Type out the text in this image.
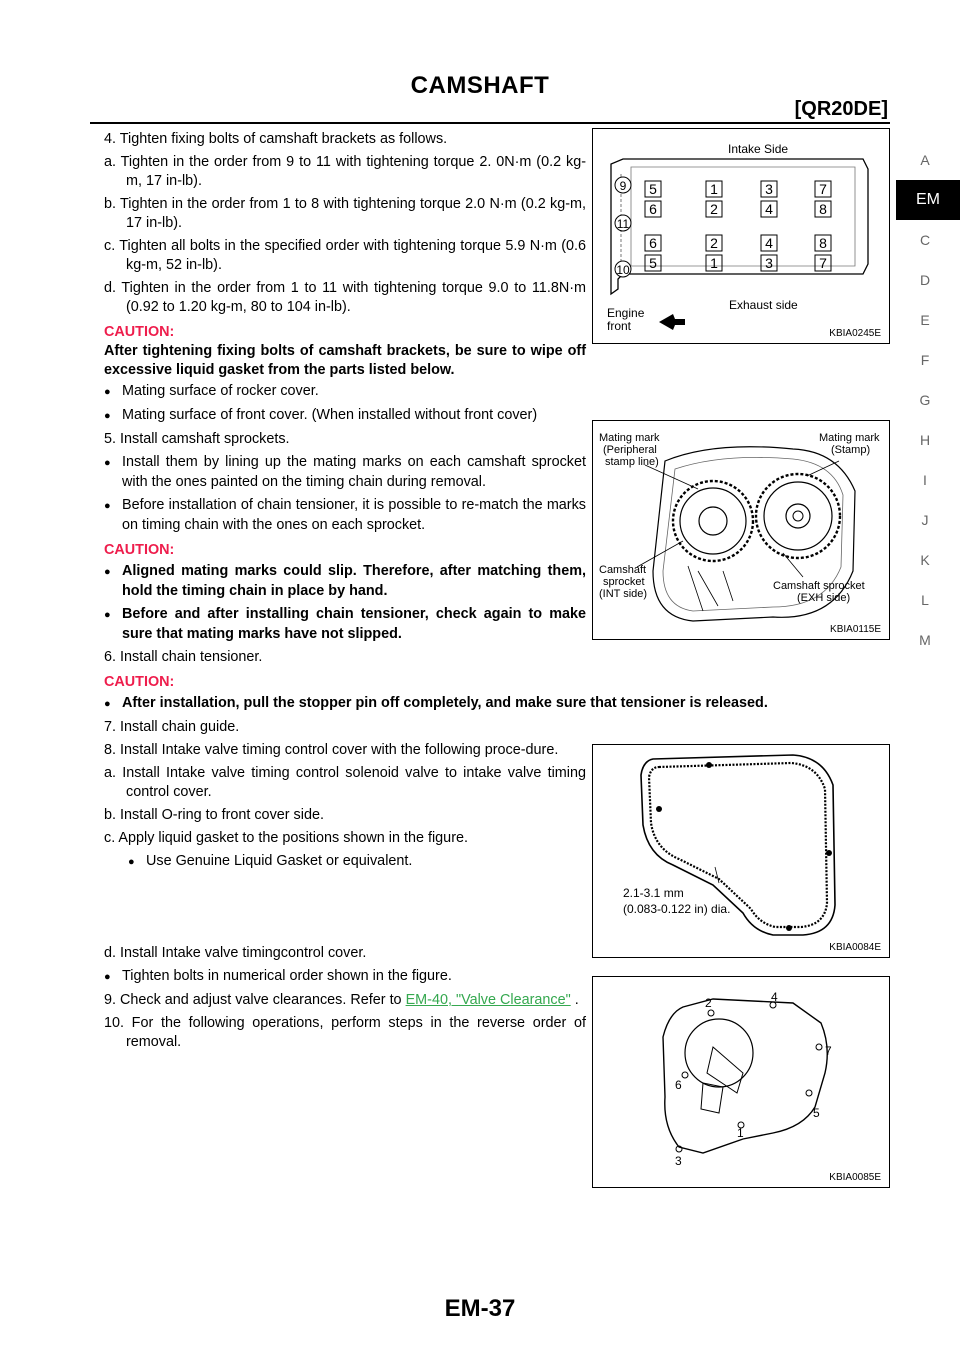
CAMSHAFT
[QR20DE]
A
EM
C
D
E
F
G
H
I
J
K
L
M
4. Tighten fixing bolts of camshaft brackets as follows.
a. Tighten in the order from 9 to 11 with tightening torque 2. 0N·m (0.2 kg-m, 17 in-lb).
b. Tighten in the order from 1 to 8 with tightening torque 2.0 N·m (0.2 kg-m, 17 in-lb).
c. Tighten all bolts in the specified order with tightening torque 5.9 N·m (0.6 kg-m, 52 in-lb).
d. Tighten in the order from 1 to 11 with tightening torque 9.0 to 11.8N·m (0.92 to 1.20 kg-m, 80 to 104 in-lb).
CAUTION:
After tightening fixing bolts of camshaft brackets, be sure to wipe off excessive liquid gasket from the parts listed below.
● Mating surface of rocker cover.
● Mating surface of front cover. (When installed without front cover)
5. Install camshaft sprockets.
● Install them by lining up the mating marks on each camshaft sprocket with the ones painted on the timing chain during removal.
● Before installation of chain tensioner, it is possible to re-match the marks on timing chain with the ones on each sprocket.
CAUTION:
● Aligned mating marks could slip. Therefore, after matching them, hold the timing chain in place by hand.
● Before and after installing chain tensioner, check again to make sure that mating marks have not slipped.
6. Install chain tensioner.
CAUTION:
● After installation, pull the stopper pin off completely, and make sure that tensioner is released.
7. Install chain guide.
8. Install Intake valve timing control cover with the following proce-dure.
a. Install Intake valve timing control solenoid valve to intake valve timing control cover.
b. Install O-ring to front cover side.
c. Apply liquid gasket to the positions shown in the figure.
● Use Genuine Liquid Gasket or equivalent.
d. Install Intake valve timingcontrol cover.
● Tighten bolts in numerical order shown in the figure.
9. Check and adjust valve clearances. Refer to EM-40, "Valve Clearance" .
10. For the following operations, perform steps in the reverse order of removal.
5	1	3	7
6	2	4	8
6	2	4	8
5	1	3	7
9
11
10
Intake Side
Exhaust side
Engine
front
KBIA0245E
Mating mark
(Peripheral
stamp line)
Mating mark
(Stamp)
Camshaft
sprocket
(INT side)
Camshaft sprocket
(EXH side)
KBIA0115E
2.1-3.1 mm
(0.083-0.122 in) dia.
KBIA0084E
1
2
3
4
5
6
7
KBIA0085E
EM-37
